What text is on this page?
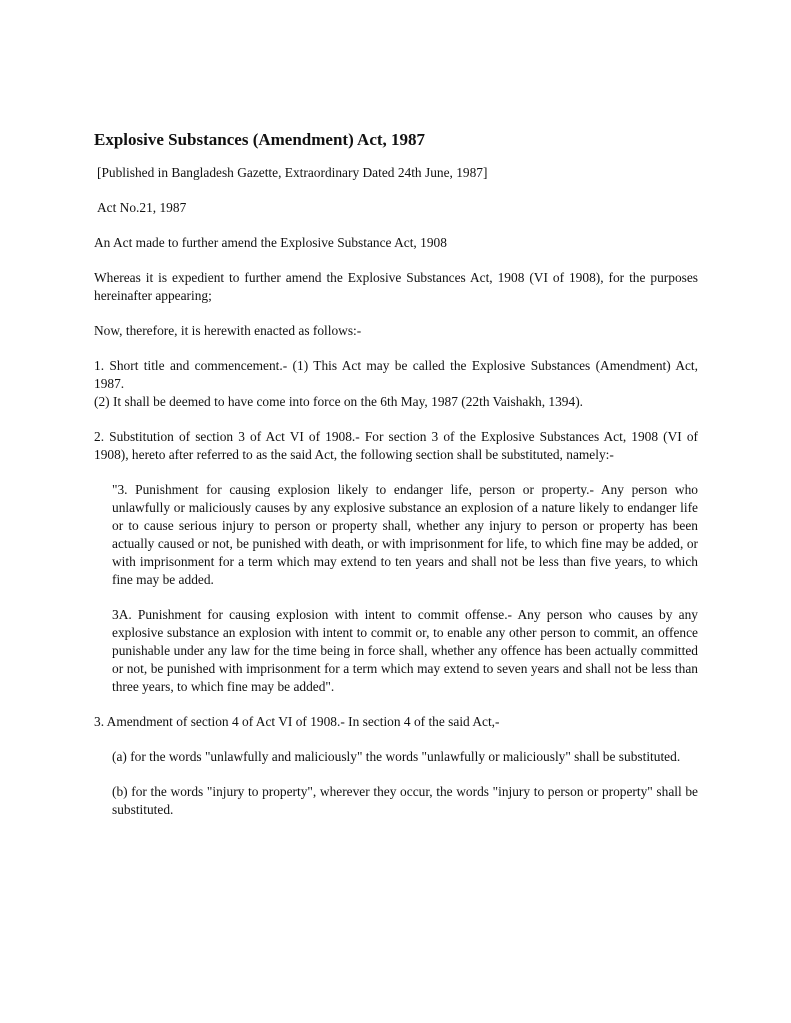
Explosive Substances (Amendment) Act, 1987

[Published in Bangladesh Gazette, Extraordinary Dated 24th June, 1987]

Act No.21, 1987

An Act made to further amend the Explosive Substance Act, 1908

Whereas it is expedient to further amend the Explosive Substances Act, 1908 (VI of 1908), for the purposes hereinafter appearing;

Now, therefore, it is herewith enacted as follows:-

1. Short title and commencement.- (1) This Act may be called the Explosive Substances (Amendment) Act, 1987.

(2) It shall be deemed to have come into force on the 6th May, 1987 (22th Vaishakh, 1394).

2. Substitution of section 3 of Act VI of 1908.- For section 3 of the Explosive Substances Act, 1908 (VI of 1908), hereto after referred to as the said Act, the following section shall be substituted, namely:-

"3. Punishment for causing explosion likely to endanger life, person or property.- Any person who unlawfully or maliciously causes by any explosive substance an explosion of a nature likely to endanger life or to cause serious injury to person or property shall, whether any injury to person or property has been actually caused or not, be punished with death, or with imprisonment for life, to which fine may be added, or with imprisonment for a term which may extend to ten years and shall not be less than five years, to which fine may be added.

3A. Punishment for causing explosion with intent to commit offense.- Any person who causes by any explosive substance an explosion with intent to commit or, to enable any other person to commit, an offence punishable under any law for the time being in force shall, whether any offence has been actually committed or not, be punished with imprisonment for a term which may extend to seven years and shall not be less than three years, to which fine may be added".

3. Amendment of section 4 of Act VI of 1908.- In section 4 of the said Act,-

(a) for the words "unlawfully and maliciously" the words "unlawfully or maliciously" shall be substituted.

(b) for the words "injury to property", wherever they occur, the words "injury to person or property" shall be substituted.
